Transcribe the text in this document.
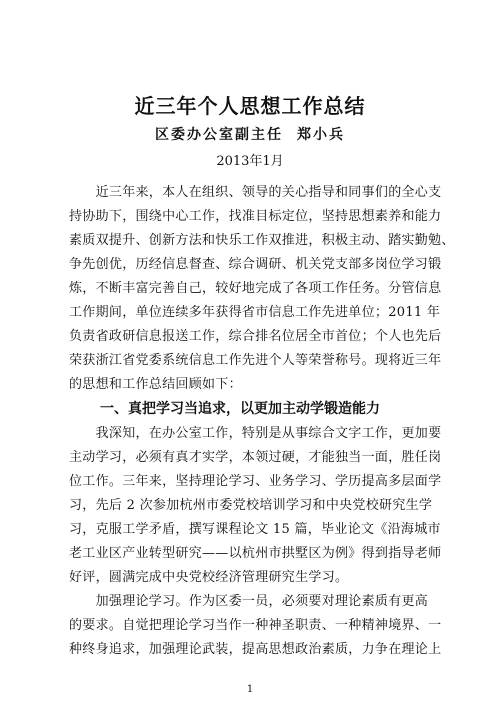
近三年个人思想工作总结
区委办公室副主任 郑小兵
2013年1月
　　近三年来，本人在组织、领导的关心指导和同事们的全心支
持协助下，围绕中心工作，找准目标定位，坚持思想素养和能力
素质双提升、创新方法和快乐工作双推进，积极主动、踏实勤勉、
争先创优，历经信息督查、综合调研、机关党支部多岗位学习锻
炼，不断丰富完善自己，较好地完成了各项工作任务。分管信息
工作期间，单位连续多年获得省市信息工作先进单位；2011 年
负责省政研信息报送工作，综合排名位居全市首位；个人也先后
荣获浙江省党委系统信息工作先进个人等荣誉称号。现将近三年
的思想和工作总结回顾如下：
一、真把学习当追求，以更加主动学锻造能力
　　我深知，在办公室工作，特别是从事综合文字工作，更加要
主动学习，必须有真才实学，本领过硬，才能独当一面，胜任岗
位工作。三年来，坚持理论学习、业务学习、学历提高多层面学
习，先后 2 次参加杭州市委党校培训学习和中央党校研究生学
习，克服工学矛盾，撰写课程论文 15 篇，毕业论文《沿海城市
老工业区产业转型研究——以杭州市拱墅区为例》得到指导老师
好评，圆满完成中央党校经济管理研究生学习。
　　加强理论学习。作为区委一员，必须要对理论素质有更高
的要求。自觉把理论学习当作一种神圣职责、一种精神境界、一
种终身追求，加强理论武装，提高思想政治素质，力争在理论上
1
